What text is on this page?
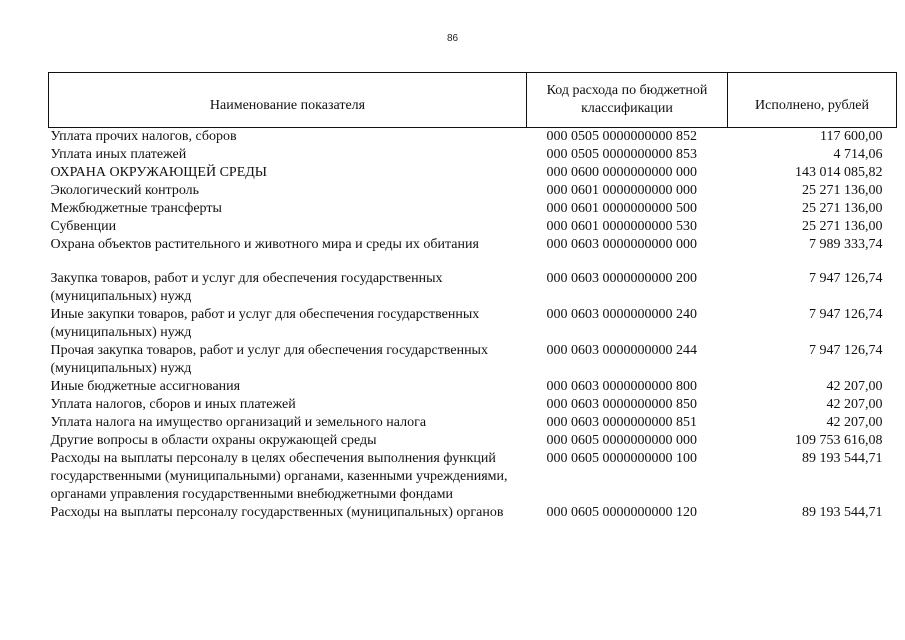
86
Наименование показателя	Код расхода по бюджетной классификации	Исполнено, рублей
Уплата прочих налогов, сборов	000 0505 0000000000 852	117 600,00
Уплата иных платежей	000 0505 0000000000 853	4 714,06
ОХРАНА ОКРУЖАЮЩЕЙ СРЕДЫ	000 0600 0000000000 000	143 014 085,82
Экологический контроль	000 0601 0000000000 000	25 271 136,00
Межбюджетные трансферты	000 0601 0000000000 500	25 271 136,00
Субвенции	000 0601 0000000000 530	25 271 136,00
Охрана объектов растительного и животного мира и среды их обитания	000 0603 0000000000 000	7 989 333,74

Закупка товаров, работ и услуг для обеспечения государственных (муниципальных) нужд	000 0603 0000000000 200	7 947 126,74
Иные закупки товаров, работ и услуг для обеспечения государственных (муниципальных) нужд	000 0603 0000000000 240	7 947 126,74
Прочая закупка товаров, работ и услуг для обеспечения государственных (муниципальных) нужд	000 0603 0000000000 244	7 947 126,74
Иные бюджетные ассигнования	000 0603 0000000000 800	42 207,00
Уплата налогов, сборов и иных платежей	000 0603 0000000000 850	42 207,00
Уплата налога на имущество организаций и земельного налога	000 0603 0000000000 851	42 207,00
Другие вопросы в области охраны окружающей среды	000 0605 0000000000 000	109 753 616,08
Расходы на выплаты персоналу в целях обеспечения выполнения функций государственными (муниципальными) органами, казенными учреждениями, органами управления государственными внебюджетными фондами	000 0605 0000000000 100	89 193 544,71
Расходы на выплаты персоналу государственных (муниципальных) органов	000 0605 0000000000 120	89 193 544,71
